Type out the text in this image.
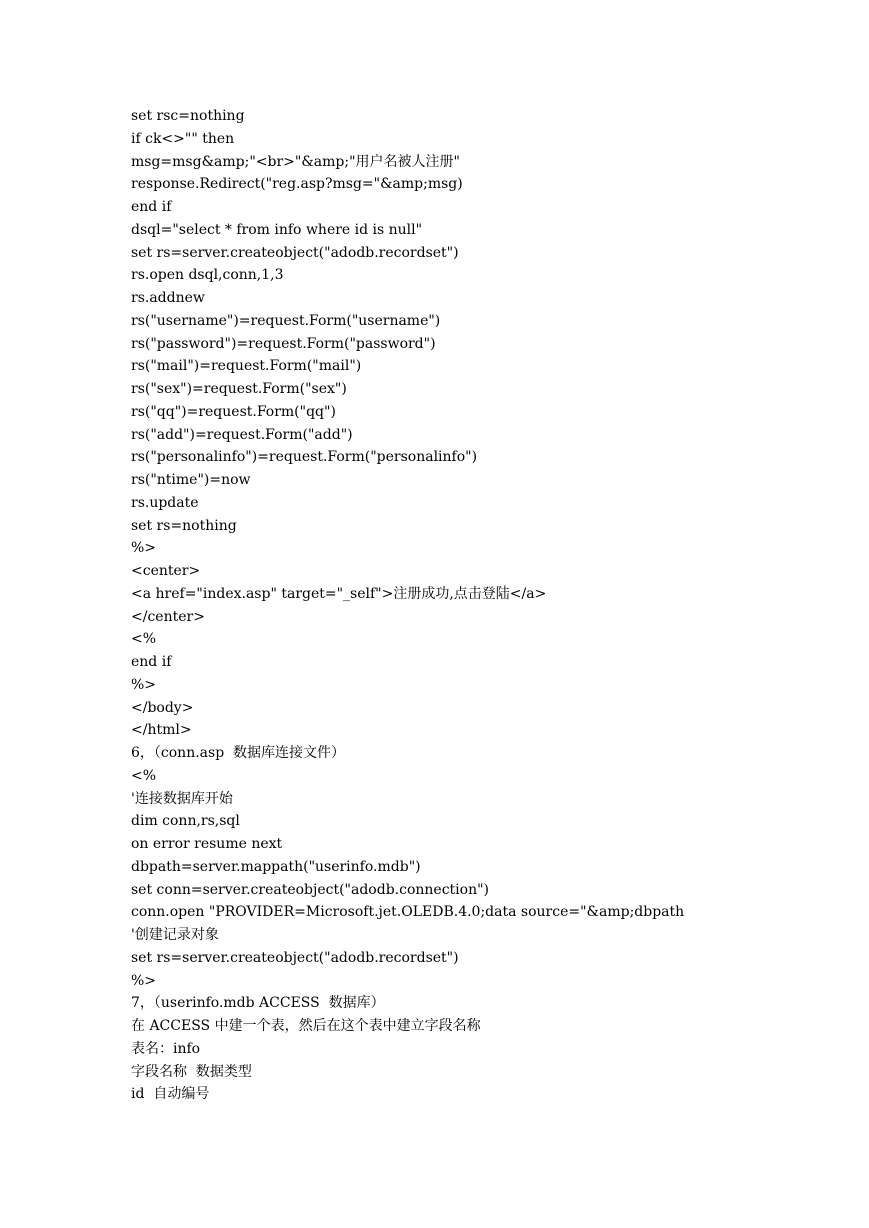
set rsc=nothing
if ck<>"" then
msg=msg&amp;"<br>"&amp;"用户名被人注册"
response.Redirect("reg.asp?msg="&amp;msg)
end if
dsql="select * from info where id is null"
set rs=server.createobject("adodb.recordset")
rs.open dsql,conn,1,3
rs.addnew
rs("username")=request.Form("username")
rs("password")=request.Form("password")
rs("mail")=request.Form("mail")
rs("sex")=request.Form("sex")
rs("qq")=request.Form("qq")
rs("add")=request.Form("add")
rs("personalinfo")=request.Form("personalinfo")
rs("ntime")=now
rs.update
set rs=nothing
%>
<center>
<a href="index.asp" target="_self">注册成功,点击登陆</a>
</center>
<%
end if
%>
</body>
</html>
6，（conn.asp  数据库连接文件）
<%
'连接数据库开始
dim conn,rs,sql
on error resume next
dbpath=server.mappath("userinfo.mdb")
set conn=server.createobject("adodb.connection")
conn.open "PROVIDER=Microsoft.jet.OLEDB.4.0;data source="&amp;dbpath
'创建记录对象
set rs=server.createobject("adodb.recordset")
%>
7，（userinfo.mdb ACCESS  数据库）
在 ACCESS 中建一个表，然后在这个表中建立字段名称
表名：info
字段名称  数据类型
id  自动编号
